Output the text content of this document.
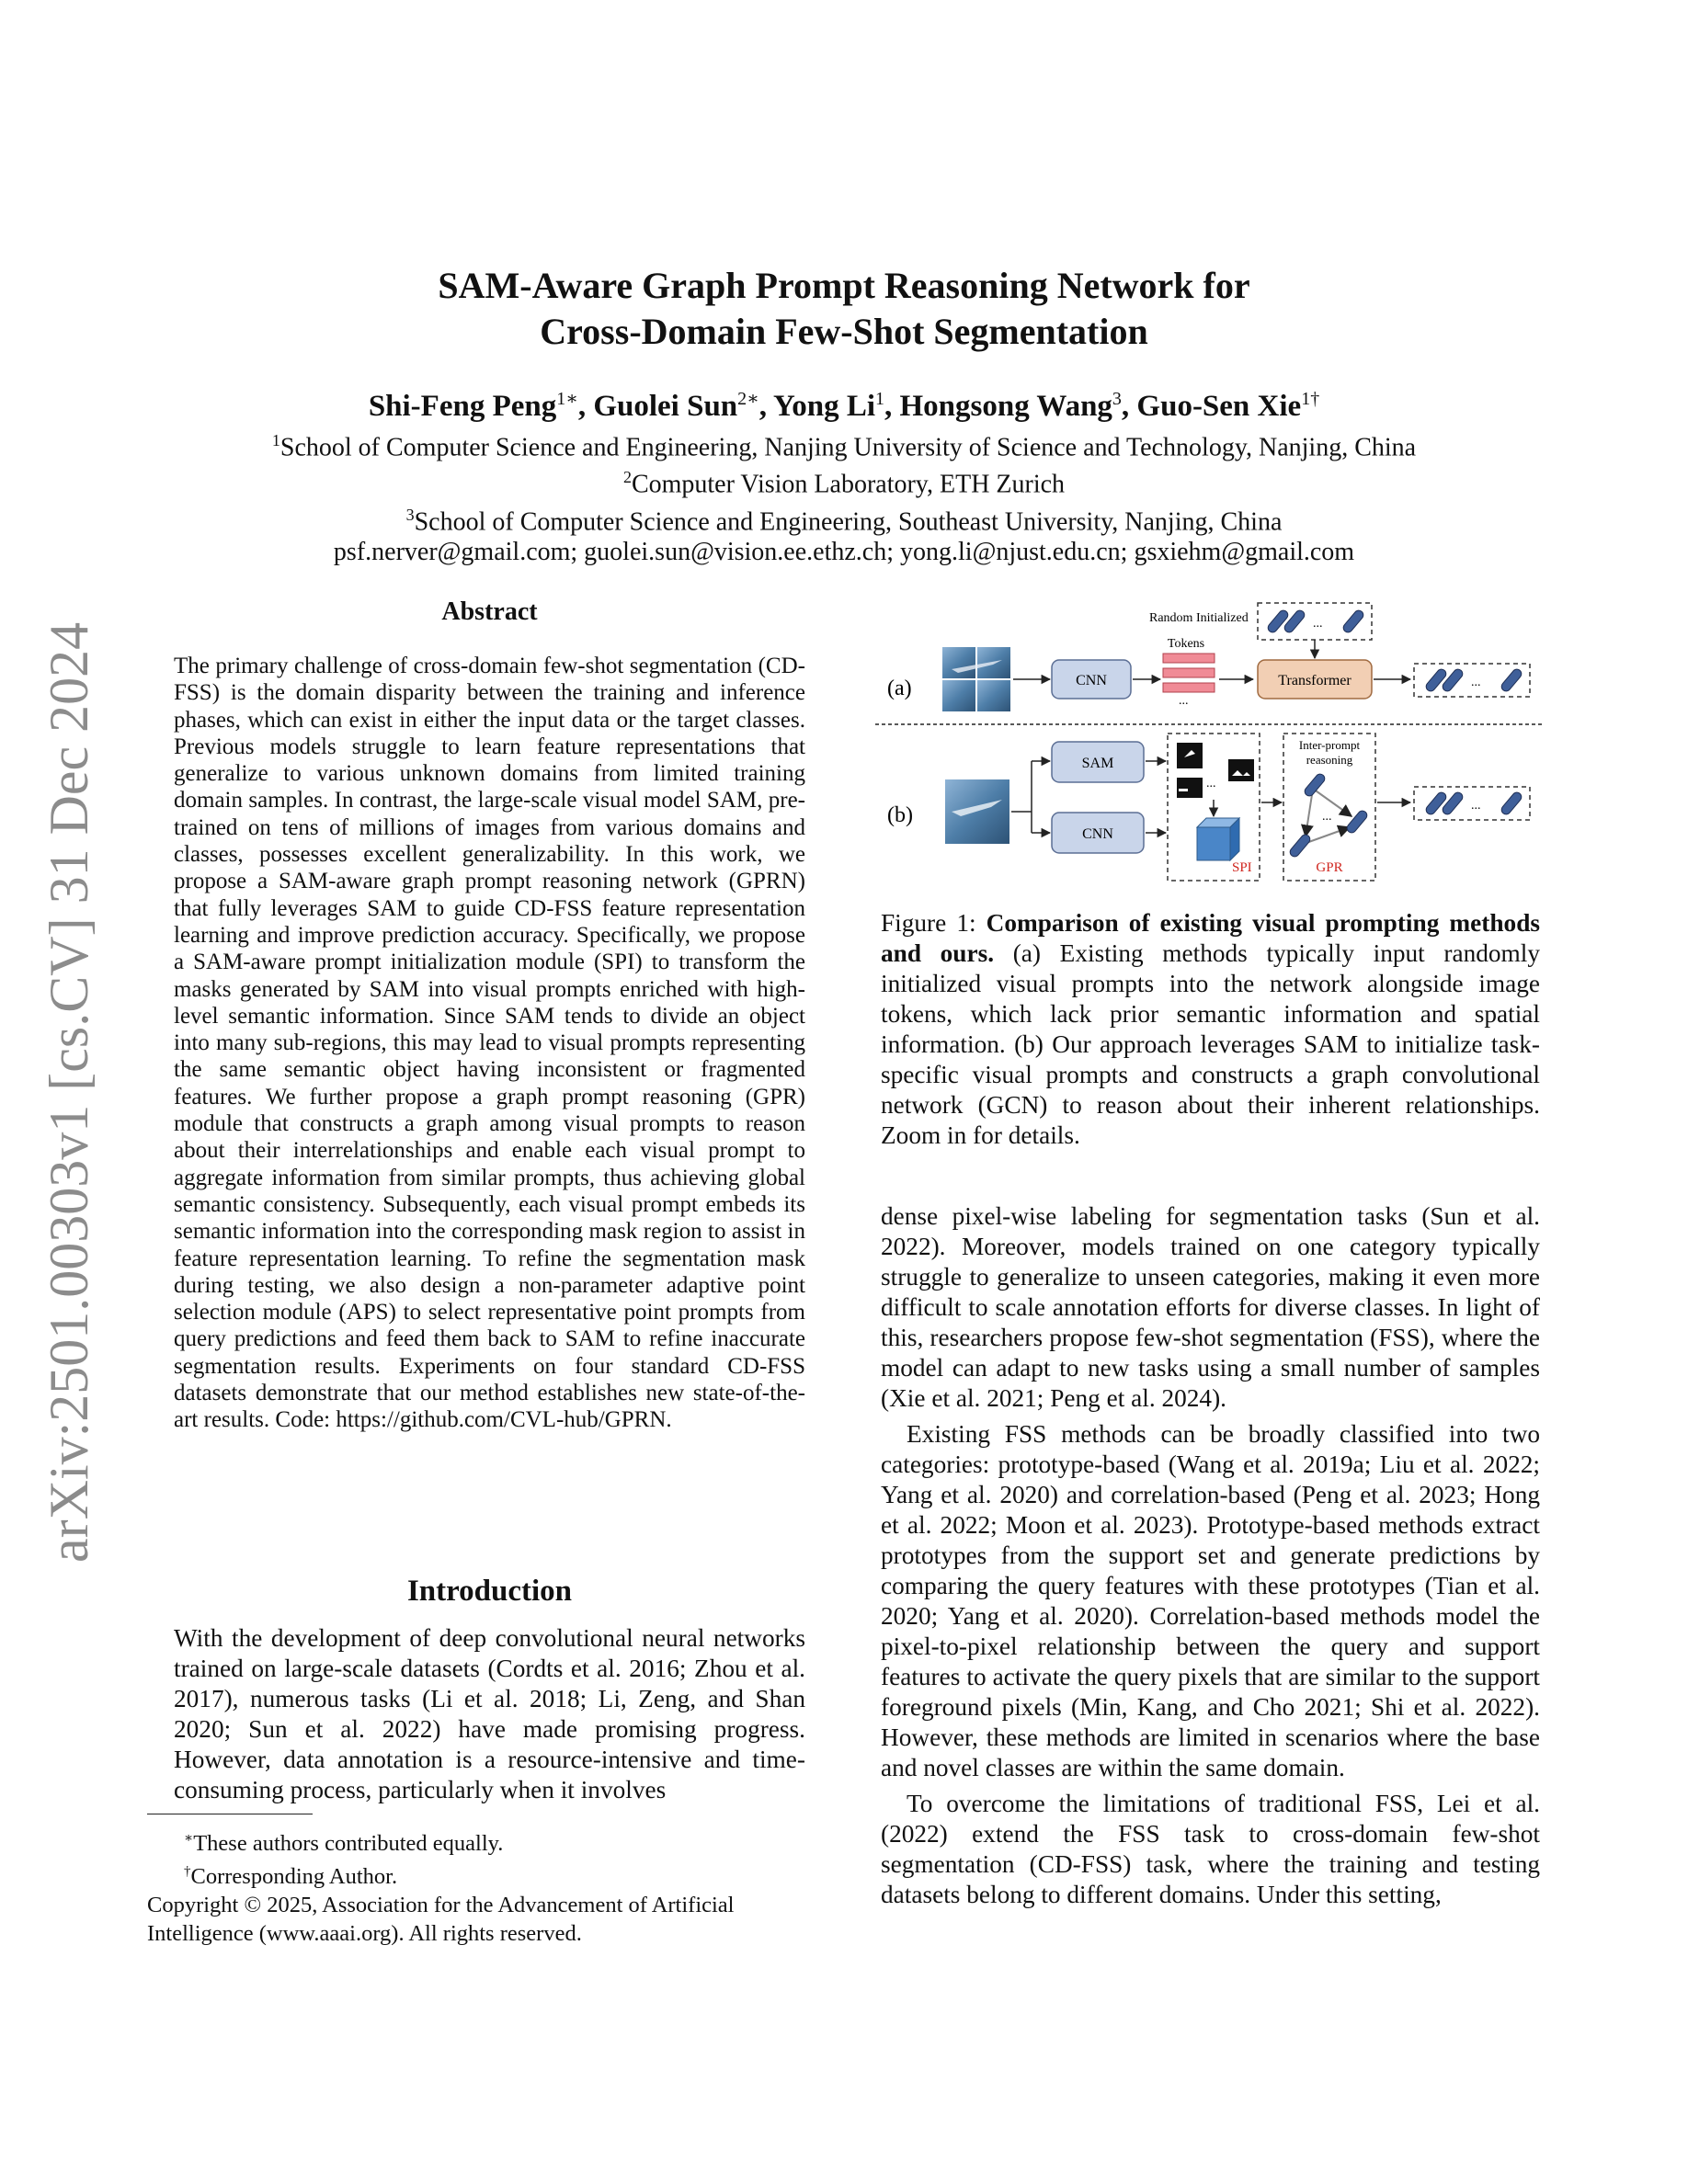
arXiv:2501.00303v1 [cs.CV] 31 Dec 2024
SAM-Aware Graph Prompt Reasoning Network for
Cross-Domain Few-Shot Segmentation
Shi-Feng Peng$^{1∗}$, Guolei Sun$^{2∗}$, Yong Li$^1$, Hongsong Wang$^3$, Guo-Sen Xie$^{1\dagger}$
$^1$School of Computer Science and Engineering, Nanjing University of Science and Technology, Nanjing, China
$^2$Computer Vision Laboratory, ETH Zurich
$^3$School of Computer Science and Engineering, Southeast University, Nanjing, China
psf.nerver@gmail.com; guolei.sun@vision.ee.ethz.ch; yong.li@njust.edu.cn; gsxiehm@gmail.com
Abstract

The primary challenge of cross-domain few-shot segmentation (CD-FSS) is the domain disparity between the training and inference phases, which can exist in either the input data or the target classes. Previous models struggle to learn feature representations that generalize to various unknown domains from limited training domain samples. In contrast, the large-scale visual model SAM, pre-trained on tens of millions of images from various domains and classes, possesses excellent generalizability. In this work, we propose a SAM-aware graph prompt reasoning network (GPRN) that fully leverages SAM to guide CD-FSS feature representation learning and improve prediction accuracy. Specifically, we propose a SAM-aware prompt initialization module (SPI) to transform the masks generated by SAM into visual prompts enriched with high-level semantic information. Since SAM tends to divide an object into many sub-regions, this may lead to visual prompts representing the same semantic object having inconsistent or fragmented features. We further propose a graph prompt reasoning (GPR) module that constructs a graph among visual prompts to reason about their interrelationships and enable each visual prompt to aggregate information from similar prompts, thus achieving global semantic consistency. Subsequently, each visual prompt embeds its semantic information into the corresponding mask region to assist in feature representation learning. To refine the segmentation mask during testing, we also design a non-parameter adaptive point selection module (APS) to select representative point prompts from query predictions and feed them back to SAM to refine inaccurate segmentation results. Experiments on four standard CD-FSS datasets demonstrate that our method establishes new state-of-the-art results. Code: https://github.com/CVL-hub/GPRN.

Introduction

With the development of deep convolutional neural networks trained on large-scale datasets (Cordts et al. 2016; Zhou et al. 2017), numerous tasks (Li et al. 2018; Li, Zeng, and Shan 2020; Sun et al. 2022) have made promising progress. However, data annotation is a resource-intensive and time-consuming process, particularly when it involves

∗These authors contributed equally.
†Corresponding Author.
Copyright © 2025, Association for the Advancement of Artificial Intelligence (www.aaai.org). All rights reserved.
(a)	CNN
Random Initialized
Tokens
...
...
Transformer	...
(b)
SAM
CNN
...
SPI
Inter-prompt
reasoning
...
GPR
...

Figure 1: Comparison of existing visual prompting methods and ours. (a) Existing methods typically input randomly initialized visual prompts into the network alongside image tokens, which lack prior semantic information and spatial information. (b) Our approach leverages SAM to initialize task-specific visual prompts and constructs a graph convolutional network (GCN) to reason about their inherent relationships. Zoom in for details.

dense pixel-wise labeling for segmentation tasks (Sun et al. 2022). Moreover, models trained on one category typically struggle to generalize to unseen categories, making it even more difficult to scale annotation efforts for diverse classes. In light of this, researchers propose few-shot segmentation (FSS), where the model can adapt to new tasks using a small number of samples (Xie et al. 2021; Peng et al. 2024).

Existing FSS methods can be broadly classified into two categories: prototype-based (Wang et al. 2019a; Liu et al. 2022; Yang et al. 2020) and correlation-based (Peng et al. 2023; Hong et al. 2022; Moon et al. 2023). Prototype-based methods extract prototypes from the support set and generate predictions by comparing the query features with these prototypes (Tian et al. 2020; Yang et al. 2020). Correlation-based methods model the pixel-to-pixel relationship between the query and support features to activate the query pixels that are similar to the support foreground pixels (Min, Kang, and Cho 2021; Shi et al. 2022). However, these methods are limited in scenarios where the base and novel classes are within the same domain.

To overcome the limitations of traditional FSS, Lei et al. (2022) extend the FSS task to cross-domain few-shot segmentation (CD-FSS) task, where the training and testing datasets belong to different domains. Under this setting,
